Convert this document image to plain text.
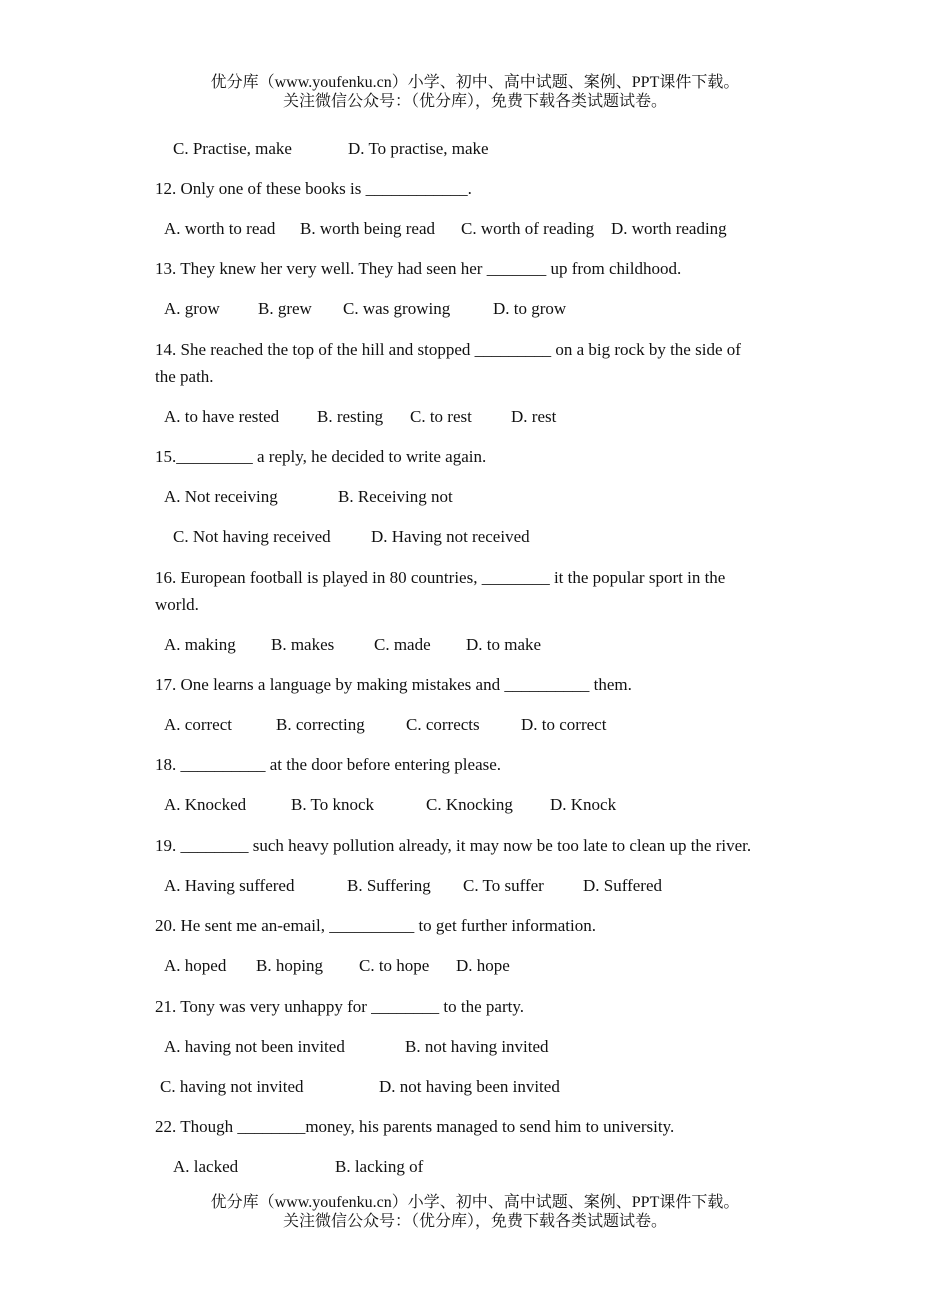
优分库（www.youfenku.cn）小学、初中、高中试题、案例、PPT课件下载。
关注微信公众号：（优分库），免费下载各类试题试卷。
C. Practise, make	D. To practise, make
12. Only one of these books is ____________.
A. worth to read B. worth being read C. worth of reading D. worth reading
13. They knew her very well. They had seen her _______ up from childhood.
A. grow B. grew C. was growing	D. to grow
14. She reached the top of the hill and stopped _________ on a big rock by the side of
the path.
A. to have rested B. resting C. to rest D. rest
15._________ a reply, he decided to write again.
A. Not receiving	B. Receiving not
C. Not having received D. Having not received
16. European football is played in 80 countries, ________ it the popular sport in the
world.
A. making B. makes C. made D. to make
17. One learns a language by making mistakes and __________ them.
A. correct	B. correcting C. corrects D. to correct
18. __________ at the door before entering please.
A. Knocked	B. To knock	C. Knocking D. Knock
19. ________ such heavy pollution already, it may now be too late to clean up the river.
A. Having suffered	B. Suffering C. To suffer D. Suffered
20. He sent me an-email, __________ to get further information.
A. hoped B. hoping C. to hope D. hope
21. Tony was very unhappy for ________ to the party.
A. having not been invited	B. not having invited
C. having not invited	D. not having been invited
22. Though ________money, his parents managed to send him to university.
A. lacked	B. lacking of
优分库（www.youfenku.cn）小学、初中、高中试题、案例、PPT课件下载。
关注微信公众号：（优分库），免费下载各类试题试卷。
